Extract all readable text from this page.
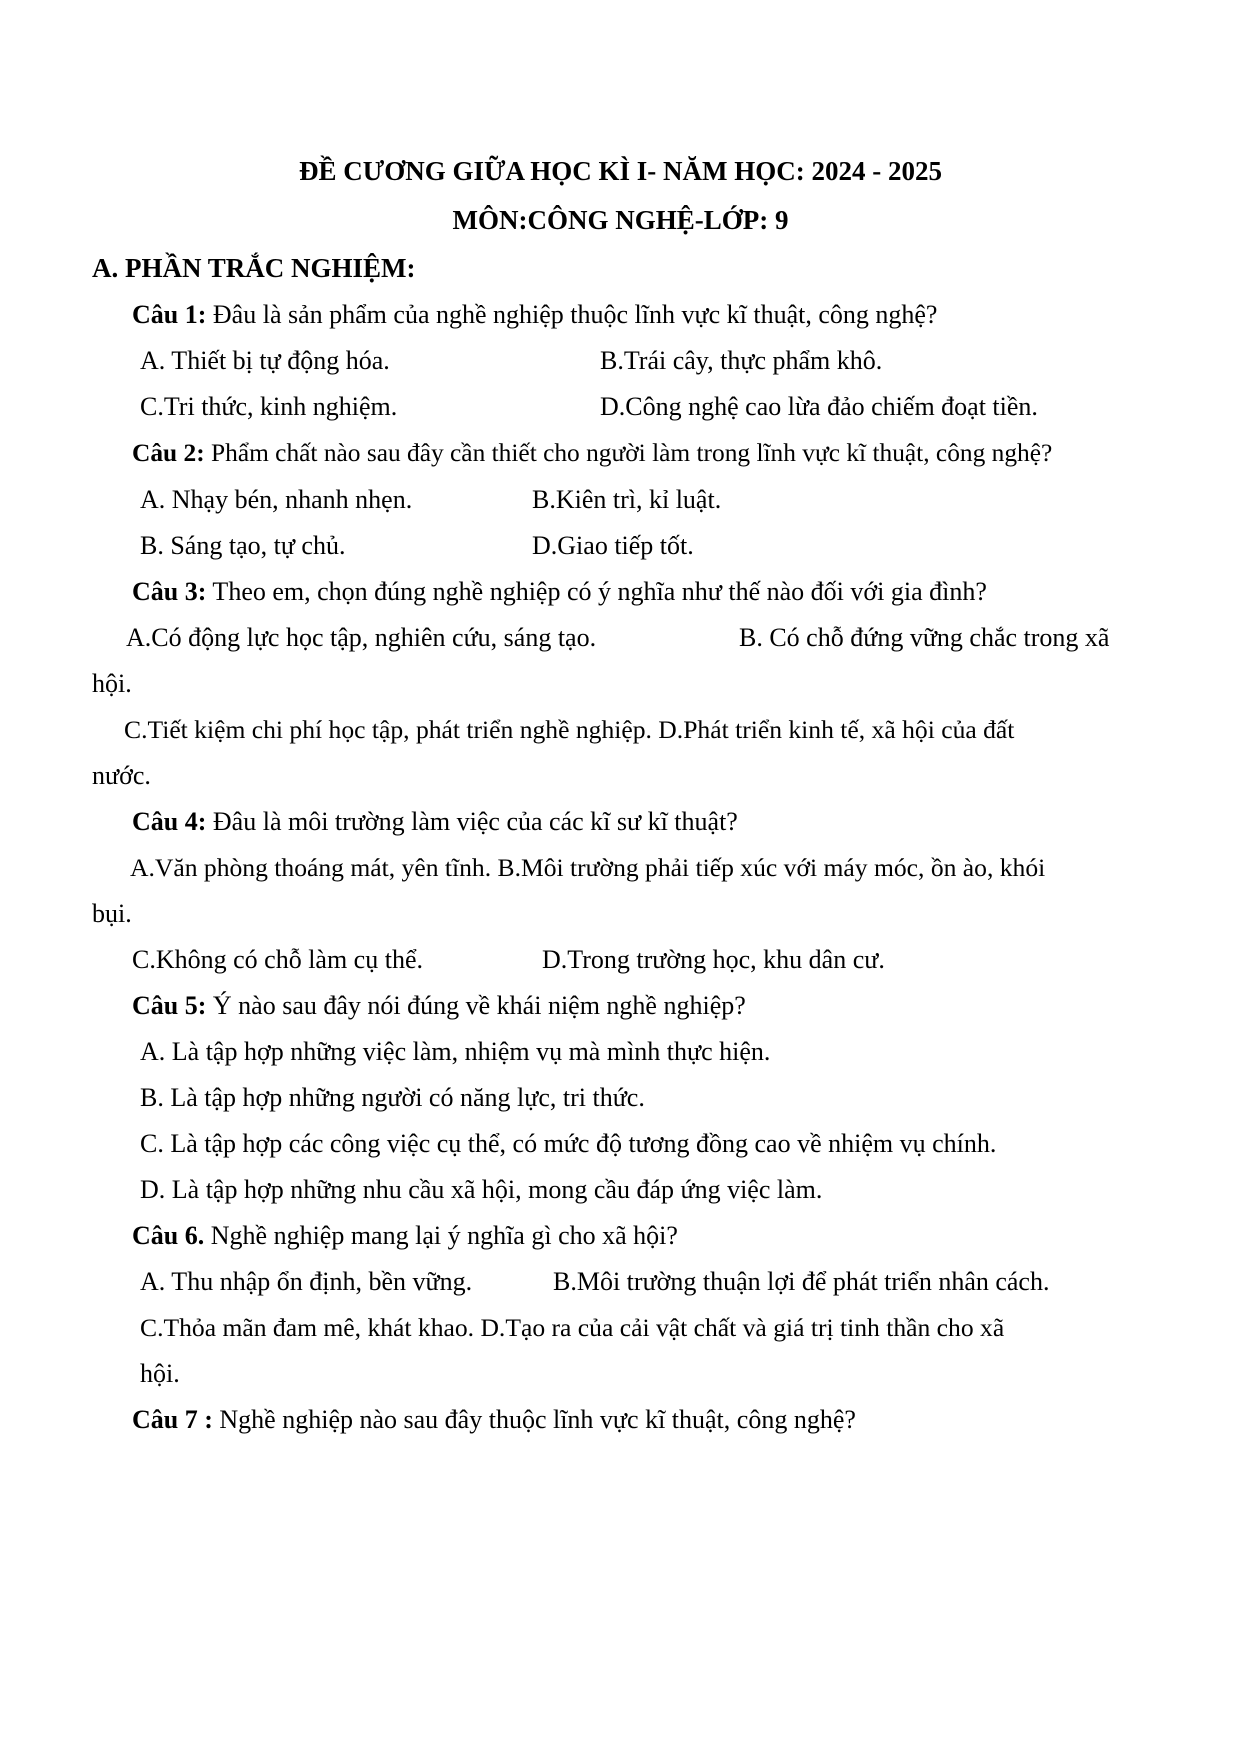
ĐỀ CƯƠNG GIỮA HỌC KÌ I- NĂM HỌC: 2024 - 2025
MÔN:CÔNG NGHỆ-LỚP: 9
A. PHẦN TRẮC NGHIỆM:
Câu 1: Đâu là sản phẩm của nghề nghiệp thuộc lĩnh vực kĩ thuật, công nghệ?
A. Thiết bị tự động hóa.	B.Trái cây, thực phẩm khô.
C.Tri thức, kinh nghiệm.	D.Công nghệ cao lừa đảo chiếm đoạt tiền.
Câu 2: Phẩm chất nào sau đây cần thiết cho người làm trong lĩnh vực kĩ thuật, công nghệ?
A. Nhạy bén, nhanh nhẹn.	B.Kiên trì, kỉ luật.
B. Sáng tạo, tự chủ.	D.Giao tiếp tốt.
Câu 3: Theo em, chọn đúng nghề nghiệp có ý nghĩa như thế nào đối với gia đình?
A.Có động lực học tập, nghiên cứu, sáng tạo.	B. Có chỗ đứng vững chắc trong xã
hội.
C.Tiết kiệm chi phí học tập, phát triển nghề nghiệp. D.Phát triển kinh tế, xã hội của đất
nước.
Câu 4: Đâu là môi trường làm việc của các kĩ sư kĩ thuật?
A.Văn phòng thoáng mát, yên tĩnh. B.Môi trường phải tiếp xúc với máy móc, ồn ào, khói
bụi.
C.Không có chỗ làm cụ thể.	D.Trong trường học, khu dân cư.
Câu 5: Ý nào sau đây nói đúng về khái niệm nghề nghiệp?
A. Là tập hợp những việc làm, nhiệm vụ mà mình thực hiện.
B. Là tập hợp những người có năng lực, tri thức.
C. Là tập hợp các công việc cụ thể, có mức độ tương đồng cao về nhiệm vụ chính.
D. Là tập hợp những nhu cầu xã hội, mong cầu đáp ứng việc làm.
Câu 6. Nghề nghiệp mang lại ý nghĩa gì cho xã hội?
A. Thu nhập ổn định, bền vững.	B.Môi trường thuận lợi để phát triển nhân cách.
C.Thỏa mãn đam mê, khát khao. D.Tạo ra của cải vật chất và giá trị tinh thần cho xã
hội.
Câu 7 : Nghề nghiệp nào sau đây thuộc lĩnh vực kĩ thuật, công nghệ?
